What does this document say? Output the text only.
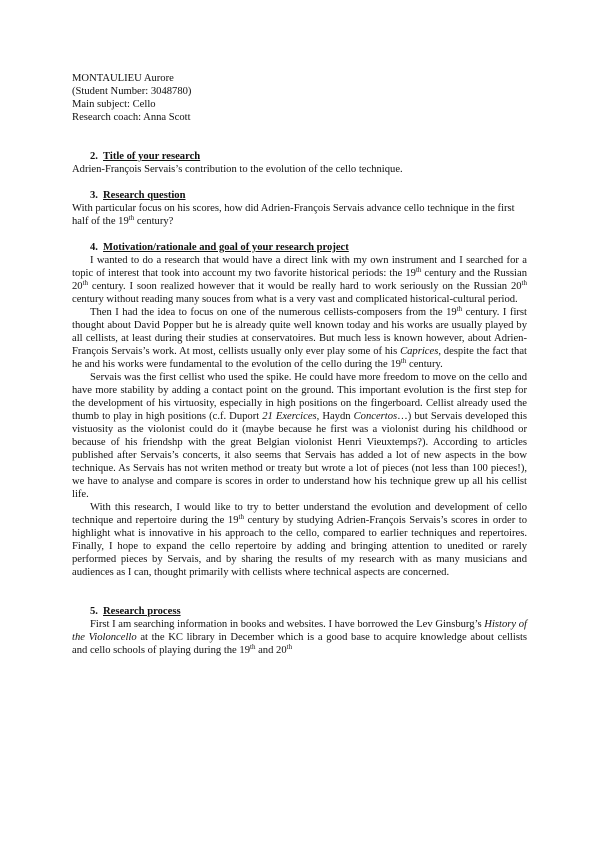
MONTAULIEU Aurore

(Student Number: 3048780)

Main subject: Cello

Research coach: Anna Scott

2. Title of your research

Adrien-François Servais’s contribution to the evolution of the cello technique.

3. Research question

With particular focus on his scores, how did Adrien-François Servais advance cello technique in the first half of the 19th century?

4. Motivation/rationale and goal of your research project

I wanted to do a research that would have a direct link with my own instrument and I searched for a topic of interest that took into account my two favorite historical periods: the 19th century and the Russian 20th century. I soon realized however that it would be really hard to work seriously on the Russian 20th century without reading many souces from what is a very vast and complicated historical-cultural period.

Then I had the idea to focus on one of the numerous cellists-composers from the 19th century. I first thought about David Popper but he is already quite well known today and his works are usually played by all cellists, at least during their studies at conservatoires. But much less is known however, about Adrien-François Servais’s work. At most, cellists usually only ever play some of his Caprices, despite the fact that he and his works were fundamental to the evolution of the cello during the 19th century.

Servais was the first cellist who used the spike. He could have more freedom to move on the cello and have more stability by adding a contact point on the ground. This important evolution is the first step for the development of his virtuosity, especially in high positions on the fingerboard. Cellist already used the thumb to play in high positions (c.f. Duport 21 Exercices, Haydn Concertos…) but Servais developed this vistuosity as the violonist could do it (maybe because he first was a violonist during his childhood or because of his friendshp with the great Belgian violonist Henri Vieuxtemps?). According to articles published after Servais’s concerts, it also seems that Servais has added a lot of new aspects in the bow technique. As Servais has not writen method or treaty but wrote a lot of pieces (not less than 100 pieces!), we have to analyse and compare is scores in order to understand how his technique grew up all his cellist life.

With this research, I would like to try to better understand the evolution and development of cello technique and repertoire during the 19th century by studying Adrien-François Servais’s scores in order to highlight what is innovative in his approach to the cello, compared to earlier techniques and repertoires. Finally, I hope to expand the cello repertoire by adding and bringing attention to unedited or rarely performed pieces by Servais, and by sharing the results of my research with as many musicians and audiences as I can, thought primarily with cellists where technical aspects are concerned.

5. Research process

First I am searching information in books and websites. I have borrowed the Lev Ginsburg’s History of the Violoncello at the KC library in December which is a good base to acquire knowledge about cellists and cello schools of playing during the 19th and 20th
